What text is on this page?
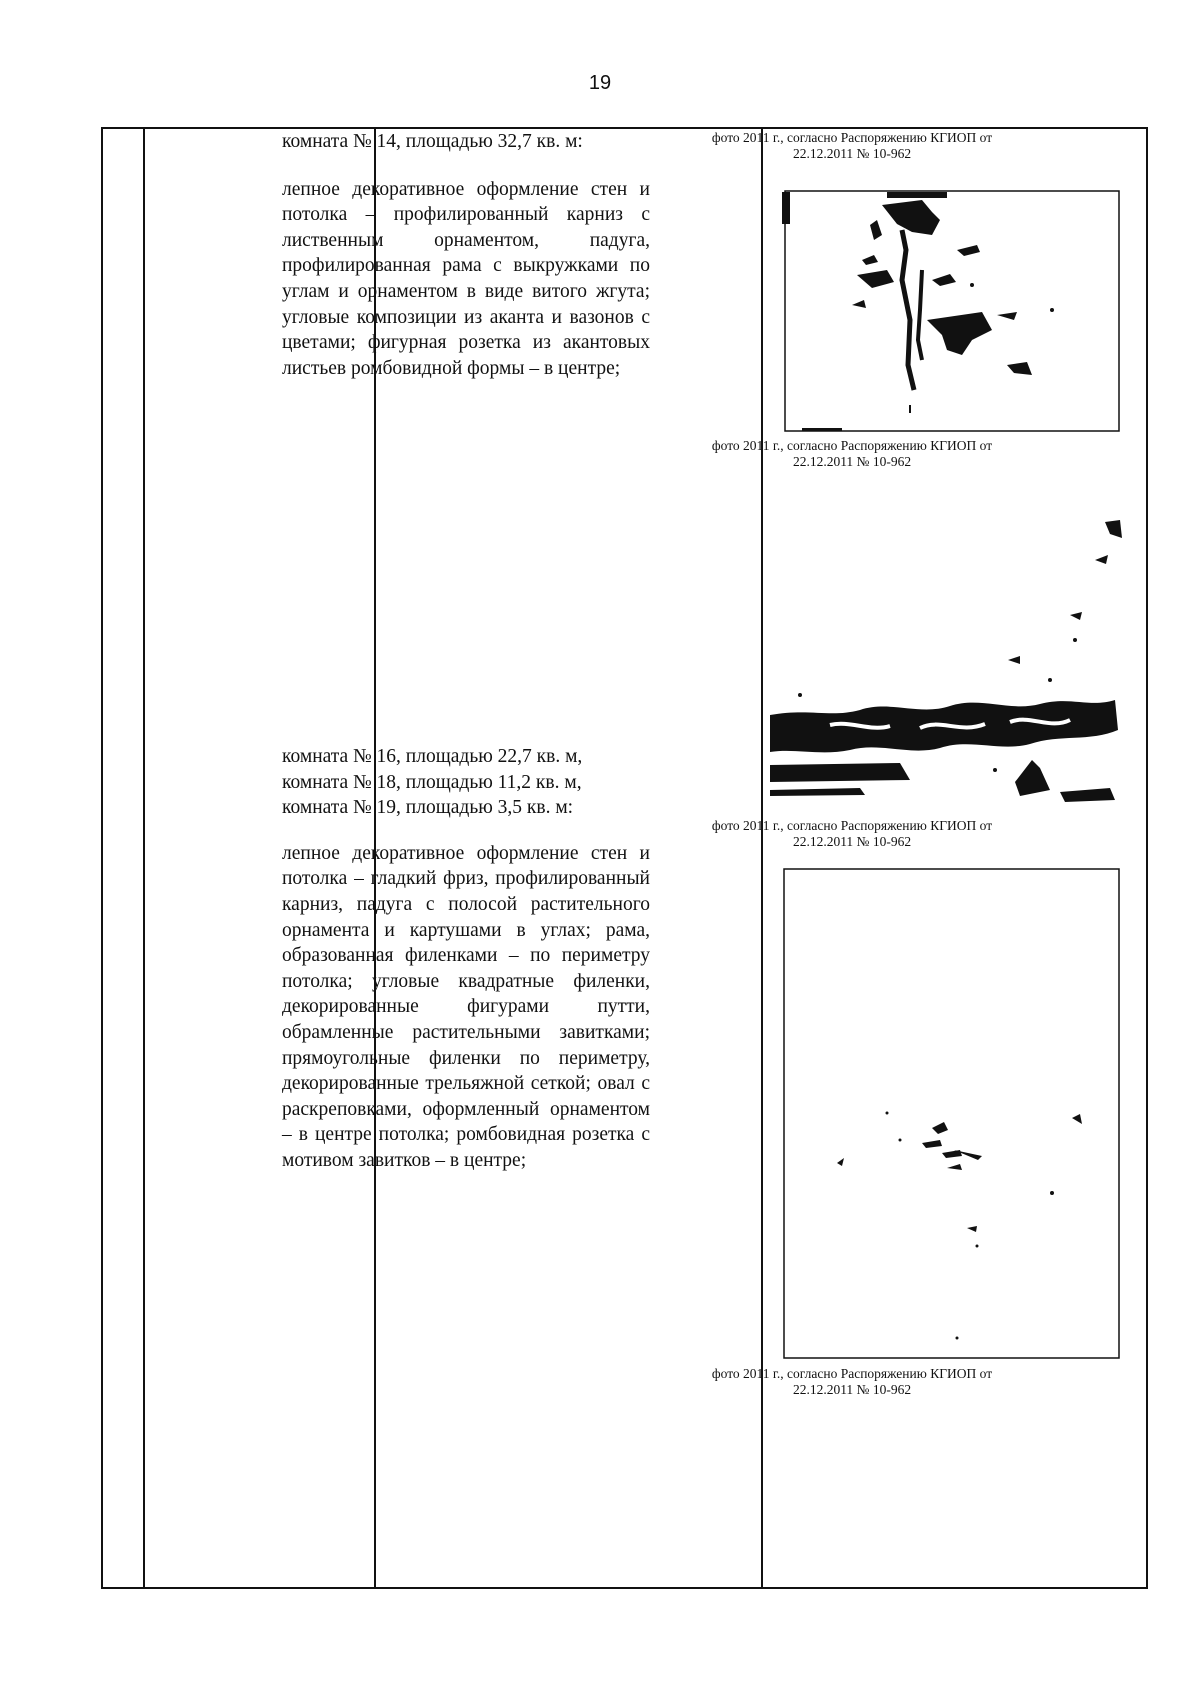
19

комната № 14, площадью 32,7 кв. м:

лепное декоративное оформление стен и потолка – профилированный карниз с лиственным орнаментом, падуга, профилированная рама с выкружками по углам и орнаментом в виде витого жгута; угловые композиции из аканта и вазонов с цветами; фигурная розетка из акантовых листьев ромбовидной формы – в центре;

комната № 16, площадью 22,7 кв. м,

комната № 18, площадью 11,2 кв. м,

комната № 19, площадью 3,5 кв. м:

лепное декоративное оформление стен и потолка – гладкий фриз, профилированный карниз, падуга с полосой растительного орнамента и картушами в углах; рама, образованная филенками – по периметру потолка; угловые квадратные филенки, декорированные фигурами путти, обрамленные растительными завитками; прямоугольные филенки по периметру, декорированные трельяжной сеткой; овал с раскреповками, оформленный орнаментом – в центре потолка; ромбовидная розетка с мотивом завитков – в центре;

фото 2011 г., согласно Распоряжению КГИОП от
22.12.2011 № 10-962
фото 2011 г., согласно Распоряжению КГИОП от
22.12.2011 № 10-962
фото 2011 г., согласно Распоряжению КГИОП от
22.12.2011 № 10-962
фото 2011 г., согласно Распоряжению КГИОП от
22.12.2011 № 10-962
